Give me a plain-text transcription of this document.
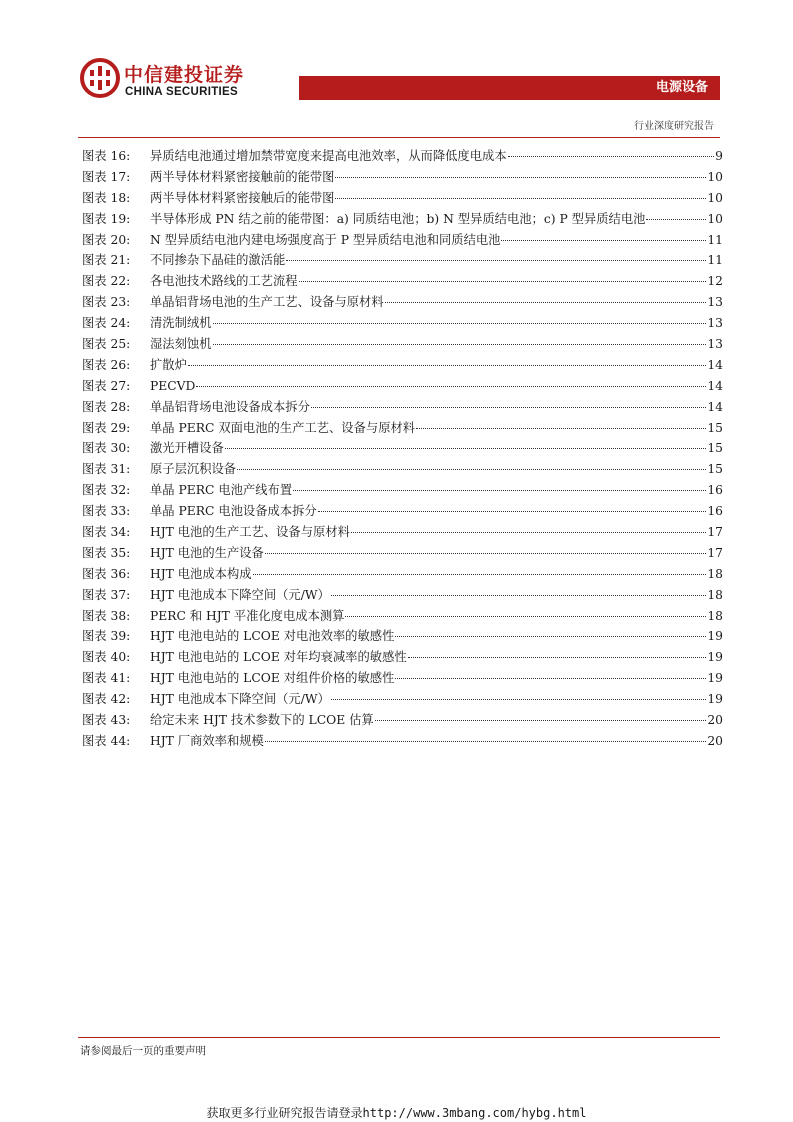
中信建投证券
CHINA SECURITIES	电源设备
行业深度研究报告
图表 16:	异质结电池通过增加禁带宽度来提高电池效率，从而降低度电成本	9
图表 17:	两半导体材料紧密接触前的能带图	10
图表 18:	两半导体材料紧密接触后的能带图	10
图表 19:	半导体形成 PN 结之前的能带图：a) 同质结电池；b) N 型异质结电池；c) P 型异质结电池	10
图表 20:	N 型异质结电池内建电场强度高于 P 型异质结电池和同质结电池	11
图表 21:	不同掺杂下晶硅的激活能	11
图表 22:	各电池技术路线的工艺流程	12
图表 23:	单晶铝背场电池的生产工艺、设备与原材料	13
图表 24:	清洗制绒机	13
图表 25:	湿法刻蚀机	13
图表 26:	扩散炉	14
图表 27:	PECVD	14
图表 28:	单晶铝背场电池设备成本拆分	14
图表 29:	单晶 PERC 双面电池的生产工艺、设备与原材料	15
图表 30:	激光开槽设备	15
图表 31:	原子层沉积设备	15
图表 32:	单晶 PERC 电池产线布置	16
图表 33:	单晶 PERC 电池设备成本拆分	16
图表 34:	HJT 电池的生产工艺、设备与原材料	17
图表 35:	HJT 电池的生产设备	17
图表 36:	HJT 电池成本构成	18
图表 37:	HJT 电池成本下降空间（元/W）	18
图表 38:	PERC 和 HJT 平准化度电成本测算	18
图表 39:	HJT 电池电站的 LCOE 对电池效率的敏感性	19
图表 40:	HJT 电池电站的 LCOE 对年均衰减率的敏感性	19
图表 41:	HJT 电池电站的 LCOE 对组件价格的敏感性	19
图表 42:	HJT 电池成本下降空间（元/W）	19
图表 43:	给定未来 HJT 技术参数下的 LCOE 估算	20
图表 44:	HJT 厂商效率和规模	20
请参阅最后一页的重要声明
获取更多行业研究报告请登录http://www.3mbang.com/hybg.html
